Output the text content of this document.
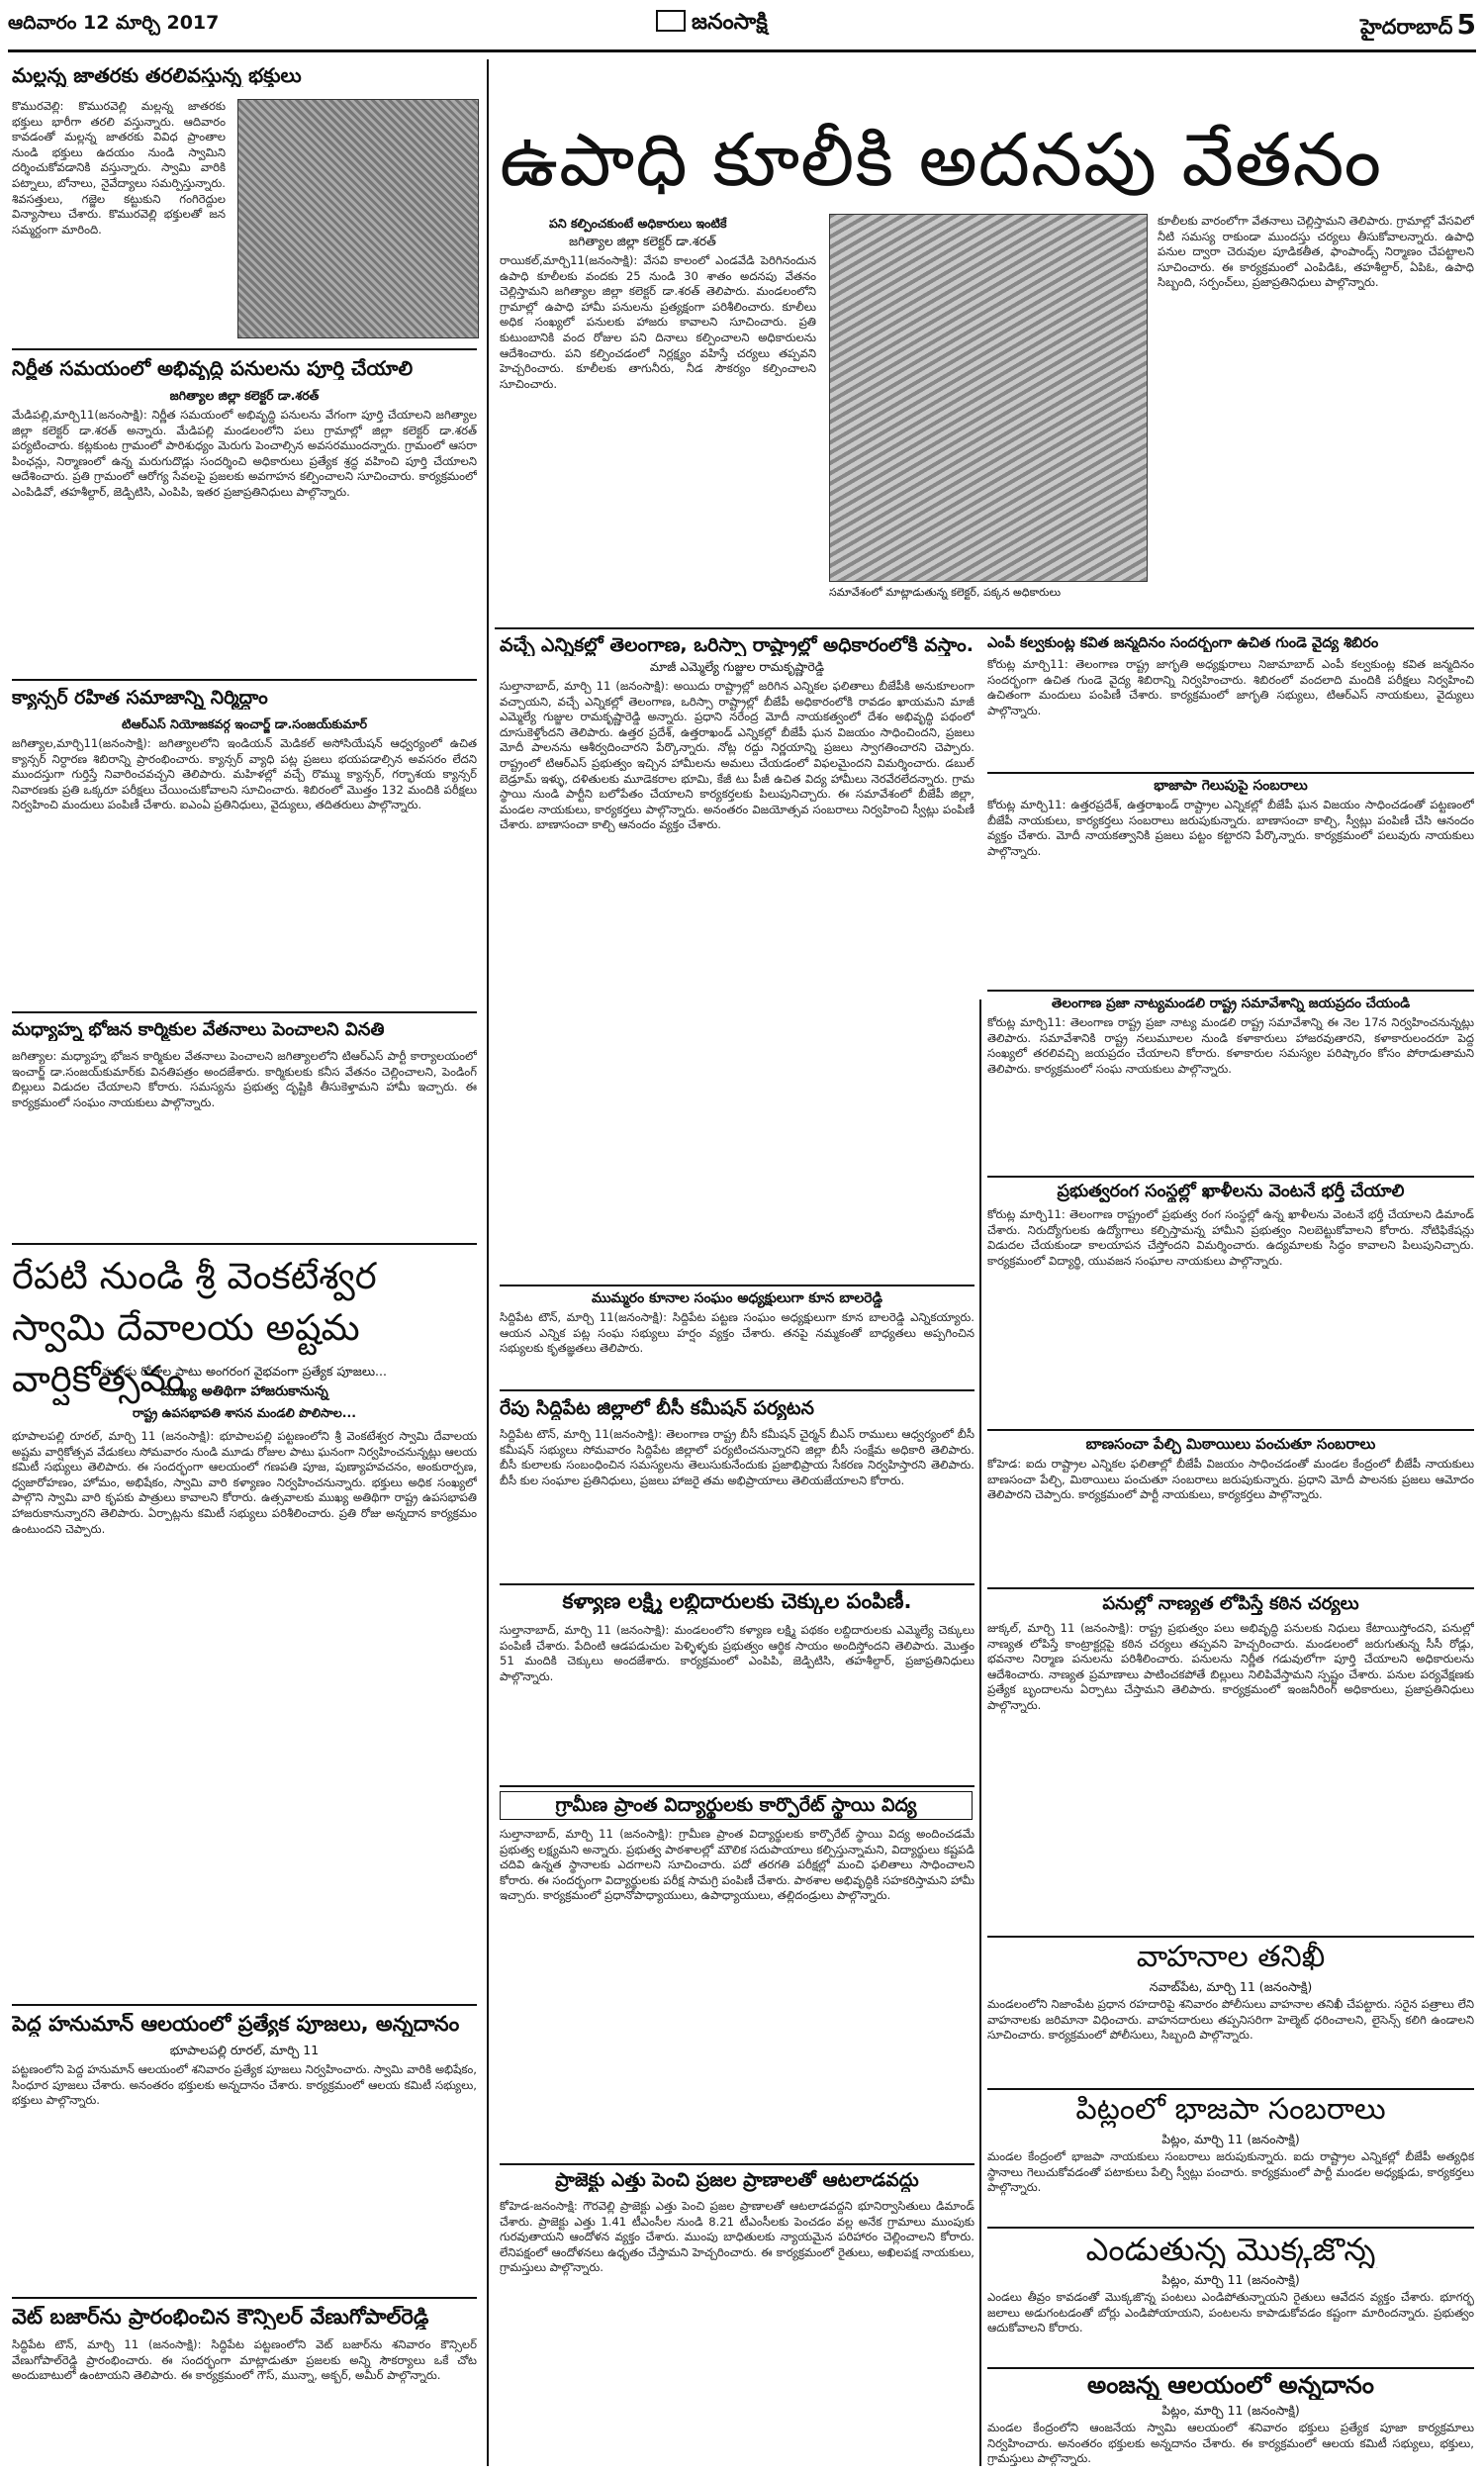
ఆదివారం 12 మార్చి 2017	జనంసాక్షి	హైదరాబాద్ 5
మల్లన్న జాతరకు తరలివస్తున్న భక్తులు
కొమురవెల్లి: కొమురవెల్లి మల్లన్న జాతరకు భక్తులు భారీగా తరలి వస్తున్నారు. ఆదివారం కావడంతో మల్లన్న జాతరకు వివిధ ప్రాంతాల నుండి భక్తులు ఉదయం నుండి స్వామిని దర్శించుకోవడానికి వస్తున్నారు. స్వామి వారికి పట్నాలు, బోనాలు, నైవేద్యాలు సమర్పిస్తున్నారు. శివసత్తులు, గజ్జెల కట్టుకుని గంగిరెద్దుల విన్యాసాలు చేశారు. కొమురవెల్లి భక్తులతో జన సమ్మర్దంగా మారింది.
నిర్ణీత సమయంలో అభివృద్ధి పనులను పూర్తి చేయాలి
జగిత్యాల జిల్లా కలెక్టర్ డా.శరత్
మేడిపల్లి,మార్చి11(జనంసాక్షి): నిర్ణీత సమయంలో అభివృద్ధి పనులను వేగంగా పూర్తి చేయాలని జగిత్యాల జిల్లా కలెక్టర్ డా.శరత్ అన్నారు. మేడిపల్లి మండలంలోని పలు గ్రామాల్లో జిల్లా కలెక్టర్ డా.శరత్ పర్యటించారు. కట్లకుంట గ్రామంలో పారిశుధ్యం మెరుగు పెంచాల్సిన అవసరముందన్నారు. గ్రామంలో ఆసరా పింఛన్లు, నిర్మాణంలో ఉన్న మరుగుదొడ్లు సందర్శించి అధికారులు ప్రత్యేక శ్రద్ధ వహించి పూర్తి చేయాలని ఆదేశించారు. ప్రతి గ్రామంలో ఆరోగ్య సేవలపై ప్రజలకు అవగాహన కల్పించాలని సూచించారు. కార్యక్రమంలో ఎంపిడివో, తహశీల్దార్, జెడ్పిటిసి, ఎంపిపి, ఇతర ప్రజాప్రతినిధులు పాల్గొన్నారు.
క్యాన్సర్ రహిత సమాజాన్ని నిర్మిద్దాం
టిఆర్ఎస్ నియోజకవర్గ ఇంచార్జ్ డా.సంజయ్‌కుమార్
జగిత్యాల,మార్చి11(జనంసాక్షి): జగిత్యాలలోని ఇండియన్ మెడికల్ అసోసియేషన్ ఆధ్వర్యంలో ఉచిత క్యాన్సర్ నిర్ధారణ శిబిరాన్ని ప్రారంభించారు. క్యాన్సర్ వ్యాధి పట్ల ప్రజలు భయపడాల్సిన అవసరం లేదని ముందస్తుగా గుర్తిస్తే నివారించవచ్చని తెలిపారు. మహిళల్లో వచ్చే రొమ్ము క్యాన్సర్, గర్భాశయ క్యాన్సర్ నివారణకు ప్రతి ఒక్కరూ పరీక్షలు చేయించుకోవాలని సూచించారు. శిబిరంలో మొత్తం 132 మందికి పరీక్షలు నిర్వహించి మందులు పంపిణీ చేశారు. ఐఎంఏ ప్రతినిధులు, వైద్యులు, తదితరులు పాల్గొన్నారు.
మధ్యాహ్న భోజన కార్మికుల వేతనాలు పెంచాలని వినతి
జగిత్యాల: మధ్యాహ్న భోజన కార్మికుల వేతనాలు పెంచాలని జగిత్యాలలోని టిఆర్ఎస్ పార్టీ కార్యాలయంలో ఇంచార్జ్ డా.సంజయ్‌కుమార్‌కు వినతిపత్రం అందజేశారు. కార్మికులకు కనీస వేతనం చెల్లించాలని, పెండింగ్ బిల్లులు విడుదల చేయాలని కోరారు. సమస్యను ప్రభుత్వ దృష్టికి తీసుకెళ్తామని హామీ ఇచ్చారు. ఈ కార్యక్రమంలో సంఘం నాయకులు పాల్గొన్నారు.
రేపటి నుండి శ్రీ వెంకటేశ్వర స్వామి దేవాలయ అష్టమ వార్షికోత్సవం
మూడు రోజుల పాటు అంగరంగ వైభవంగా ప్రత్యేక పూజలు...
ముఖ్య అతిథిగా హాజరుకానున్న
రాష్ట్ర ఉపసభాపతి శాసన మండలి పొలిసాల...
భూపాలపల్లి రూరల్, మార్చి 11 (జనంసాక్షి): భూపాలపల్లి పట్టణంలోని శ్రీ వెంకటేశ్వర స్వామి దేవాలయ అష్టమ వార్షికోత్సవ వేడుకలు సోమవారం నుండి మూడు రోజుల పాటు ఘనంగా నిర్వహించనున్నట్లు ఆలయ కమిటీ సభ్యులు తెలిపారు. ఈ సందర్భంగా ఆలయంలో గణపతి పూజ, పుణ్యాహవచనం, అంకురార్పణ, ధ్వజారోహణం, హోమం, అభిషేకం, స్వామి వారి కళ్యాణం నిర్వహించనున్నారు. భక్తులు అధిక సంఖ్యలో పాల్గొని స్వామి వారి కృపకు పాత్రులు కావాలని కోరారు. ఉత్సవాలకు ముఖ్య అతిథిగా రాష్ట్ర ఉపసభాపతి హాజరుకానున్నారని తెలిపారు. ఏర్పాట్లను కమిటీ సభ్యులు పరిశీలించారు. ప్రతి రోజు అన్నదాన కార్యక్రమం ఉంటుందని చెప్పారు.
పెద్ద హనుమాన్ ఆలయంలో ప్రత్యేక పూజలు, అన్నదానం
భూపాలపల్లి రూరల్, మార్చి 11
పట్టణంలోని పెద్ద హనుమాన్ ఆలయంలో శనివారం ప్రత్యేక పూజలు నిర్వహించారు. స్వామి వారికి అభిషేకం, సింధూర పూజలు చేశారు. అనంతరం భక్తులకు అన్నదానం చేశారు. కార్యక్రమంలో ఆలయ కమిటీ సభ్యులు, భక్తులు పాల్గొన్నారు.
వెట్ బజార్‌ను ప్రారంభించిన కౌన్సిలర్ వేణుగోపాల్‌రెడ్డి
సిద్ధిపేట టౌన్, మార్చి 11 (జనంసాక్షి): సిద్ధిపేట పట్టణంలోని వెట్ బజార్‌ను శనివారం కౌన్సిలర్ వేణుగోపాల్‌రెడ్డి ప్రారంభించారు. ఈ సందర్భంగా మాట్లాడుతూ ప్రజలకు అన్ని సౌకర్యాలు ఒకే చోట అందుబాటులో ఉంటాయని తెలిపారు. ఈ కార్యక్రమంలో గౌస్, మున్నా, అక్బర్, అమీర్ పాల్గొన్నారు.
ఉపాధి కూలీకి అదనపు వేతనం
పని కల్పించకుంటే అధికారులు ఇంటికే
జగిత్యాల జిల్లా కలెక్టర్ డా.శరత్
రాయికల్,మార్చి11(జనంసాక్షి): వేసవి కాలంలో ఎండవేడి పెరిగినందున ఉపాధి కూలీలకు వందకు 25 నుండి 30 శాతం అదనపు వేతనం చెల్లిస్తామని జగిత్యాల జిల్లా కలెక్టర్ డా.శరత్ తెలిపారు. మండలంలోని గ్రామాల్లో ఉపాధి హామీ పనులను ప్రత్యక్షంగా పరిశీలించారు. కూలీలు అధిక సంఖ్యలో పనులకు హాజరు కావాలని సూచించారు. ప్రతి కుటుంబానికి వంద రోజుల పని దినాలు కల్పించాలని అధికారులను ఆదేశించారు. పని కల్పించడంలో నిర్లక్ష్యం వహిస్తే చర్యలు తప్పవని హెచ్చరించారు. కూలీలకు తాగునీరు, నీడ సౌకర్యం కల్పించాలని సూచించారు.
సమావేశంలో మాట్లాడుతున్న కలెక్టర్, పక్కన అధికారులు
కూలీలకు వారంలోగా వేతనాలు చెల్లిస్తామని తెలిపారు. గ్రామాల్లో వేసవిలో నీటి సమస్య రాకుండా ముందస్తు చర్యలు తీసుకోవాలన్నారు. ఉపాధి పనుల ద్వారా చెరువుల పూడికతీత, ఫాంపాండ్స్ నిర్మాణం చేపట్టాలని సూచించారు. ఈ కార్యక్రమంలో ఎంపిడిఓ, తహశీల్దార్, ఏపిఓ, ఉపాధి సిబ్బంది, సర్పంచ్‌లు, ప్రజాప్రతినిధులు పాల్గొన్నారు.
వచ్చే ఎన్నికల్లో తెలంగాణ, ఒరిస్సా రాష్ట్రాల్లో అధికారంలోకి వస్తాం.
మాజీ ఎమ్మెల్యే గుజ్జుల రామకృష్ణారెడ్డి
సుల్తానాబాద్, మార్చి 11 (జనంసాక్షి): అయిదు రాష్ట్రాల్లో జరిగిన ఎన్నికల ఫలితాలు బీజేపీకి అనుకూలంగా వచ్చాయని, వచ్చే ఎన్నికల్లో తెలంగాణ, ఒరిస్సా రాష్ట్రాల్లో బీజేపీ అధికారంలోకి రావడం ఖాయమని మాజీ ఎమ్మెల్యే గుజ్జుల రామకృష్ణారెడ్డి అన్నారు. ప్రధాని నరేంద్ర మోదీ నాయకత్వంలో దేశం అభివృద్ధి పథంలో దూసుకెళ్తోందని తెలిపారు. ఉత్తర ప్రదేశ్, ఉత్తరాఖండ్ ఎన్నికల్లో బీజేపీ ఘన విజయం సాధించిందని, ప్రజలు మోదీ పాలనను ఆశీర్వదించారని పేర్కొన్నారు. నోట్ల రద్దు నిర్ణయాన్ని ప్రజలు స్వాగతించారని చెప్పారు. రాష్ట్రంలో టిఆర్ఎస్ ప్రభుత్వం ఇచ్చిన హామీలను అమలు చేయడంలో విఫలమైందని విమర్శించారు. డబుల్ బెడ్రూమ్ ఇళ్ళు, దళితులకు మూడెకరాల భూమి, కేజీ టు పీజీ ఉచిత విద్య హామీలు నెరవేరలేదన్నారు. గ్రామ స్థాయి నుండి పార్టీని బలోపేతం చేయాలని కార్యకర్తలకు పిలుపునిచ్చారు. ఈ సమావేశంలో బీజేపీ జిల్లా, మండల నాయకులు, కార్యకర్తలు పాల్గొన్నారు. అనంతరం విజయోత్సవ సంబరాలు నిర్వహించి స్వీట్లు పంపిణీ చేశారు. బాణాసంచా కాల్చి ఆనందం వ్యక్తం చేశారు.
ముమ్మరం కూనాల సంఘం అధ్యక్షులుగా కూన బాలరెడ్డి
సిద్దిపేట టౌన్, మార్చి 11(జనంసాక్షి): సిద్దిపేట పట్టణ సంఘం అధ్యక్షులుగా కూన బాలరెడ్డి ఎన్నికయ్యారు. ఆయన ఎన్నిక పట్ల సంఘ సభ్యులు హర్షం వ్యక్తం చేశారు. తనపై నమ్మకంతో బాధ్యతలు అప్పగించిన సభ్యులకు కృతజ్ఞతలు తెలిపారు.
రేపు సిద్దిపేట జిల్లాలో బీసీ కమీషన్ పర్యటన
సిద్దిపేట టౌన్, మార్చి 11(జనంసాక్షి): తెలంగాణ రాష్ట్ర బీసీ కమీషన్ చైర్మన్ బీఎస్ రాములు ఆధ్వర్యంలో బీసీ కమీషన్ సభ్యులు సోమవారం సిద్దిపేట జిల్లాలో పర్యటించనున్నారని జిల్లా బీసీ సంక్షేమ అధికారి తెలిపారు. బీసీ కులాలకు సంబంధించిన సమస్యలను తెలుసుకునేందుకు ప్రజాభిప్రాయ సేకరణ నిర్వహిస్తారని తెలిపారు. బీసీ కుల సంఘాల ప్రతినిధులు, ప్రజలు హాజరై తమ అభిప్రాయాలు తెలియజేయాలని కోరారు.
కళ్యాణ లక్ష్మి లబ్దిదారులకు చెక్కుల పంపిణీ.
సుల్తానాబాద్, మార్చి 11 (జనంసాక్షి): మండలంలోని కళ్యాణ లక్ష్మి పథకం లబ్దిదారులకు ఎమ్మెల్యే చెక్కులు పంపిణీ చేశారు. పేదింటి ఆడపడుచుల పెళ్ళిళ్ళకు ప్రభుత్వం ఆర్థిక సాయం అందిస్తోందని తెలిపారు. మొత్తం 51 మందికి చెక్కులు అందజేశారు. కార్యక్రమంలో ఎంపిపి, జెడ్పిటిసి, తహశీల్దార్, ప్రజాప్రతినిధులు పాల్గొన్నారు.
గ్రామీణ ప్రాంత విద్యార్థులకు కార్పొరేట్ స్థాయి విద్య
సుల్తానాబాద్, మార్చి 11 (జనంసాక్షి): గ్రామీణ ప్రాంత విద్యార్థులకు కార్పొరేట్ స్థాయి విద్య అందించడమే ప్రభుత్వ లక్ష్యమని అన్నారు. ప్రభుత్వ పాఠశాలల్లో మౌలిక సదుపాయాలు కల్పిస్తున్నామని, విద్యార్థులు కష్టపడి చదివి ఉన్నత స్థానాలకు ఎదగాలని సూచించారు. పదో తరగతి పరీక్షల్లో మంచి ఫలితాలు సాధించాలని కోరారు. ఈ సందర్భంగా విద్యార్థులకు పరీక్ష సామగ్రి పంపిణీ చేశారు. పాఠశాల అభివృద్ధికి సహకరిస్తామని హామీ ఇచ్చారు. కార్యక్రమంలో ప్రధానోపాధ్యాయులు, ఉపాధ్యాయులు, తల్లిదండ్రులు పాల్గొన్నారు.
ప్రాజెక్టు ఎత్తు పెంచి ప్రజల ప్రాణాలతో ఆటలాడవద్దు
కోహెడ-జనంసాక్షి: గౌరవెల్లి ప్రాజెక్టు ఎత్తు పెంచి ప్రజల ప్రాణాలతో ఆటలాడవద్దని భూనిర్వాసితులు డిమాండ్ చేశారు. ప్రాజెక్టు ఎత్తు 1.41 టీఎంసీల నుండి 8.21 టీఎంసీలకు పెంచడం వల్ల అనేక గ్రామాలు ముంపుకు గురవుతాయని ఆందోళన వ్యక్తం చేశారు. ముంపు బాధితులకు న్యాయమైన పరిహారం చెల్లించాలని కోరారు. లేనిపక్షంలో ఆందోళనలు ఉధృతం చేస్తామని హెచ్చరించారు. ఈ కార్యక్రమంలో రైతులు, అఖిలపక్ష నాయకులు, గ్రామస్తులు పాల్గొన్నారు.
ఎంపీ కల్వకుంట్ల కవిత జన్మదినం సందర్భంగా ఉచిత గుండె వైద్య శిబిరం
కోరుట్ల మార్చి11: తెలంగాణ రాష్ట్ర జాగృతి అధ్యక్షురాలు నిజామాబాద్ ఎంపీ కల్వకుంట్ల కవిత జన్మదినం సందర్భంగా ఉచిత గుండె వైద్య శిబిరాన్ని నిర్వహించారు. శిబిరంలో వందలాది మందికి పరీక్షలు నిర్వహించి ఉచితంగా మందులు పంపిణీ చేశారు. కార్యక్రమంలో జాగృతి సభ్యులు, టిఆర్ఎస్ నాయకులు, వైద్యులు పాల్గొన్నారు.
భాజాపా గెలుపుపై సంబరాలు
కోరుట్ల మార్చి11: ఉత్తరప్రదేశ్, ఉత్తరాఖండ్ రాష్ట్రాల ఎన్నికల్లో బీజేపీ ఘన విజయం సాధించడంతో పట్టణంలో బీజేపీ నాయకులు, కార్యకర్తలు సంబరాలు జరుపుకున్నారు. బాణాసంచా కాల్చి, స్వీట్లు పంపిణీ చేసి ఆనందం వ్యక్తం చేశారు. మోదీ నాయకత్వానికి ప్రజలు పట్టం కట్టారని పేర్కొన్నారు. కార్యక్రమంలో పలువురు నాయకులు పాల్గొన్నారు.
తెలంగాణ ప్రజా నాట్యమండలి రాష్ట్ర సమావేశాన్ని జయప్రదం చేయండి
కోరుట్ల మార్చి11: తెలంగాణ రాష్ట్ర ప్రజా నాట్య మండలి రాష్ట్ర సమావేశాన్ని ఈ నెల 17న నిర్వహించనున్నట్లు తెలిపారు. సమావేశానికి రాష్ట్ర నలుమూలల నుండి కళాకారులు హాజరవుతారని, కళాకారులందరూ పెద్ద సంఖ్యలో తరలివచ్చి జయప్రదం చేయాలని కోరారు. కళాకారుల సమస్యల పరిష్కారం కోసం పోరాడుతామని తెలిపారు. కార్యక్రమంలో సంఘ నాయకులు పాల్గొన్నారు.
ప్రభుత్వరంగ సంస్థల్లో ఖాళీలను వెంటనే భర్తీ చేయాలి
కోరుట్ల మార్చి11: తెలంగాణ రాష్ట్రంలో ప్రభుత్వ రంగ సంస్థల్లో ఉన్న ఖాళీలను వెంటనే భర్తీ చేయాలని డిమాండ్ చేశారు. నిరుద్యోగులకు ఉద్యోగాలు కల్పిస్తామన్న హామీని ప్రభుత్వం నిలబెట్టుకోవాలని కోరారు. నోటిఫికేషన్లు విడుదల చేయకుండా కాలయాపన చేస్తోందని విమర్శించారు. ఉద్యమాలకు సిద్ధం కావాలని పిలుపునిచ్చారు. కార్యక్రమంలో విద్యార్థి, యువజన సంఘాల నాయకులు పాల్గొన్నారు.
బాణసంచా పేల్చి మిఠాయిలు పంచుతూ సంబరాలు
కోహెడ: ఐదు రాష్ట్రాల ఎన్నికల ఫలితాల్లో బీజేపీ విజయం సాధించడంతో మండల కేంద్రంలో బీజేపీ నాయకులు బాణసంచా పేల్చి, మిఠాయిలు పంచుతూ సంబరాలు జరుపుకున్నారు. ప్రధాని మోదీ పాలనకు ప్రజలు ఆమోదం తెలిపారని చెప్పారు. కార్యక్రమంలో పార్టీ నాయకులు, కార్యకర్తలు పాల్గొన్నారు.
పనుల్లో నాణ్యత లోపిస్తే కఠిన చర్యలు
జుక్కల్, మార్చి 11 (జనంసాక్షి): రాష్ట్ర ప్రభుత్వం పలు అభివృద్ధి పనులకు నిధులు కేటాయిస్తోందని, పనుల్లో నాణ్యత లోపిస్తే కాంట్రాక్టర్లపై కఠిన చర్యలు తప్పవని హెచ్చరించారు. మండలంలో జరుగుతున్న సీసీ రోడ్లు, భవనాల నిర్మాణ పనులను పరిశీలించారు. పనులను నిర్ణీత గడువులోగా పూర్తి చేయాలని అధికారులను ఆదేశించారు. నాణ్యత ప్రమాణాలు పాటించకపోతే బిల్లులు నిలిపివేస్తామని స్పష్టం చేశారు. పనుల పర్యవేక్షణకు ప్రత్యేక బృందాలను ఏర్పాటు చేస్తామని తెలిపారు. కార్యక్రమంలో ఇంజనీరింగ్ అధికారులు, ప్రజాప్రతినిధులు పాల్గొన్నారు.
వాహనాల తనిఖీ
నవాబ్‌పేట, మార్చి 11 (జనంసాక్షి)
మండలంలోని నిజాంపేట ప్రధాన రహదారిపై శనివారం పోలీసులు వాహనాల తనిఖీ చేపట్టారు. సరైన పత్రాలు లేని వాహనాలకు జరిమానా విధించారు. వాహనదారులు తప్పనిసరిగా హెల్మెట్ ధరించాలని, లైసెన్స్ కలిగి ఉండాలని సూచించారు. కార్యక్రమంలో పోలీసులు, సిబ్బంది పాల్గొన్నారు.
పిట్లంలో భాజపా సంబరాలు
పిట్లం, మార్చి 11 (జనంసాక్షి)
మండల కేంద్రంలో భాజపా నాయకులు సంబరాలు జరుపుకున్నారు. ఐదు రాష్ట్రాల ఎన్నికల్లో బీజేపీ అత్యధిక స్థానాలు గెలుచుకోవడంతో పటాకులు పేల్చి స్వీట్లు పంచారు. కార్యక్రమంలో పార్టీ మండల అధ్యక్షుడు, కార్యకర్తలు పాల్గొన్నారు.
ఎండుతున్న మొక్కజొన్న
పిట్లం, మార్చి 11 (జనంసాక్షి)
ఎండలు తీవ్రం కావడంతో మొక్కజొన్న పంటలు ఎండిపోతున్నాయని రైతులు ఆవేదన వ్యక్తం చేశారు. భూగర్భ జలాలు అడుగంటడంతో బోర్లు ఎండిపోయాయని, పంటలను కాపాడుకోవడం కష్టంగా మారిందన్నారు. ప్రభుత్వం ఆదుకోవాలని కోరారు.
అంజన్న ఆలయంలో అన్నదానం
పిట్లం, మార్చి 11 (జనంసాక్షి)
మండల కేంద్రంలోని ఆంజనేయ స్వామి ఆలయంలో శనివారం భక్తులు ప్రత్యేక పూజా కార్యక్రమాలు నిర్వహించారు. అనంతరం భక్తులకు అన్నదానం చేశారు. ఈ కార్యక్రమంలో ఆలయ కమిటీ సభ్యులు, భక్తులు, గ్రామస్తులు పాల్గొన్నారు.
